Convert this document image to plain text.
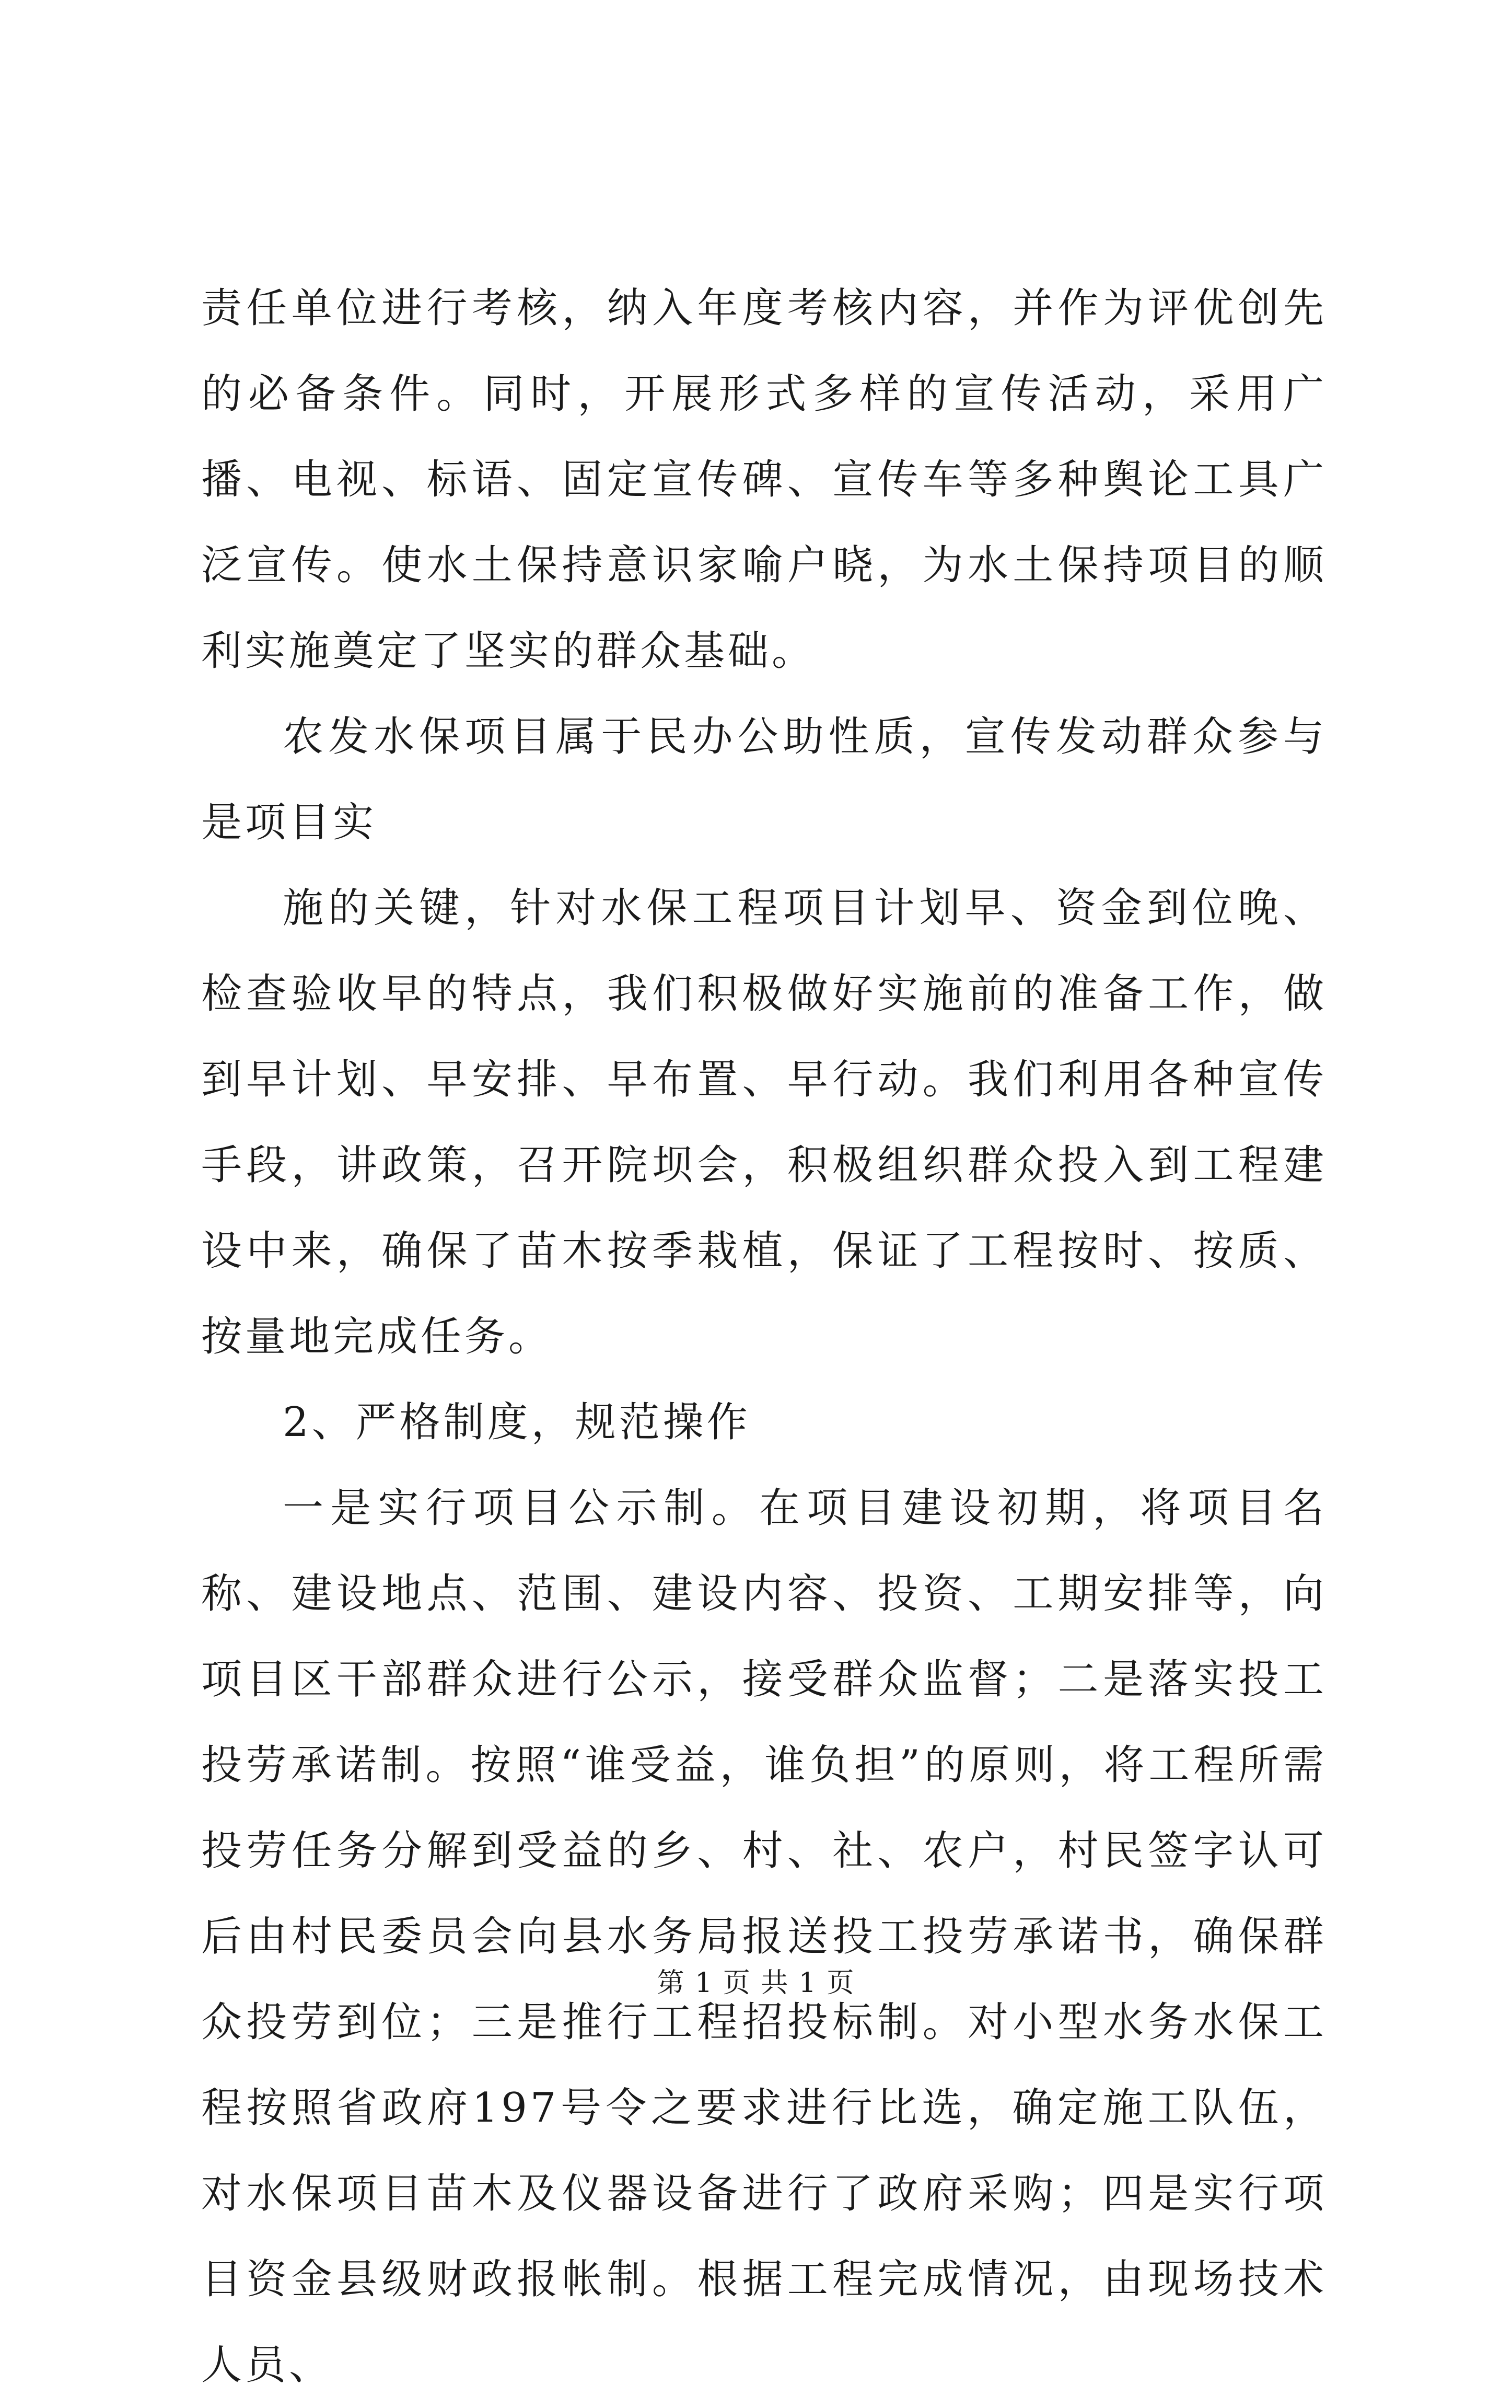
责任单位进行考核，纳入年度考核内容，并作为评优创先的必备条件。同时，开展形式多样的宣传活动，采用广播、电视、标语、固定宣传碑、宣传车等多种舆论工具广泛宣传。使水土保持意识家喻户晓，为水土保持项目的顺利实施奠定了坚实的群众基础。

农发水保项目属于民办公助性质，宣传发动群众参与是项目实

施的关键，针对水保工程项目计划早、资金到位晚、检查验收早的特点，我们积极做好实施前的准备工作，做到早计划、早安排、早布置、早行动。我们利用各种宣传手段，讲政策，召开院坝会，积极组织群众投入到工程建设中来，确保了苗木按季栽植，保证了工程按时、按质、按量地完成任务。

2、严格制度，规范操作

一是实行项目公示制。在项目建设初期，将项目名称、建设地点、范围、建设内容、投资、工期安排等，向项目区干部群众进行公示，接受群众监督；二是落实投工投劳承诺制。按照“谁受益，谁负担”的原则，将工程所需投劳任务分解到受益的乡、村、社、农户，村民签字认可后由村民委员会向县水务局报送投工投劳承诺书，确保群众投劳到位；三是推行工程招投标制。对小型水务水保工程按照省政府197号令之要求进行比选，确定施工队伍，对水保项目苗木及仪器设备进行了政府采购；四是实行项目资金县级财政报帐制。根据工程完成情况，由现场技术人员、

第 1 页 共 1 页
